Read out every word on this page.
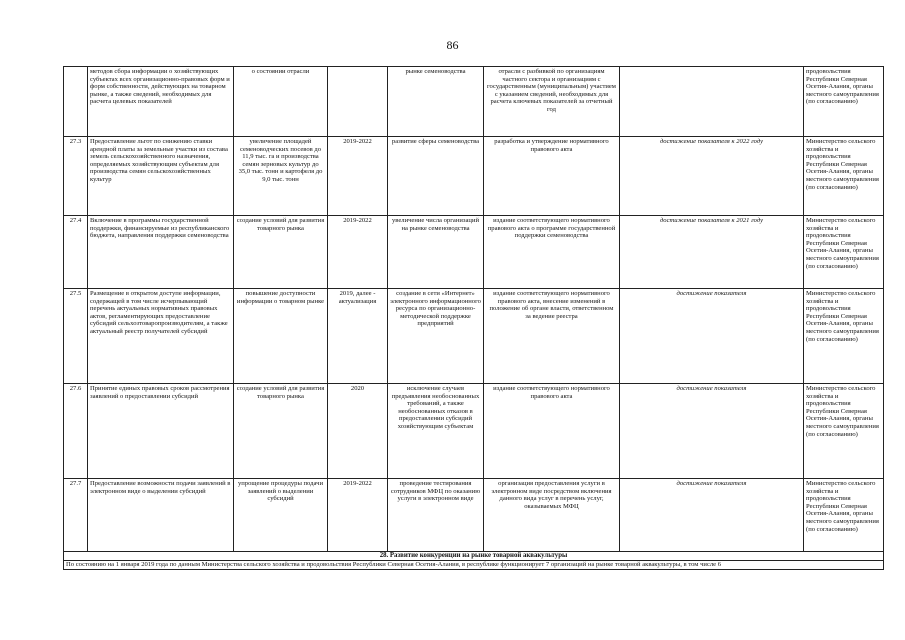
86
	методов сбора информации о хозяйствующих субъектах всех организационно-правовых форм и форм собственности, действующих на товарном рынке, а также сведений, необходимых для расчета целевых показателей	о состоянии отрасли		рынке семеноводства	отрасли с разбивкой по организациям частного сектора и организациям с государственным (муниципальным) участием с указанием сведений, необходимых для расчета ключевых показателей за отчетный год		продовольствия Республики Северная Осетия-Алания, органы местного самоуправления (по согласованию)
27.3	Предоставление льгот по снижению ставки арендной платы за земельные участки из состава земель сельскохозяйственного назначения, определяемых хозяйствующим субъектам для производства семян сельскохозяйственных культур	увеличение площадей семеноводческих посевов до 11,9 тыс. га и производства семян зерновых культур до 35,0 тыс. тонн и картофеля до 9,0 тыс. тонн	2019-2022	развитие сферы семеноводства	разработка и утверждение нормативного правового акта	достижение показателя к 2022 году	Министерство сельского хозяйства и продовольствия Республики Северная Осетия-Алания, органы местного самоуправления (по согласованию)
27.4	Включение в программы государственной поддержки, финансируемые из республиканского бюджета, направления поддержки семеноводства	создание условий для развития товарного рынка	2019-2022	увеличение числа организаций на рынке семеноводства	издание соответствующего нормативного правового акта о программе государственной поддержки семеноводства	достижение показателя к 2021 году	Министерство сельского хозяйства и продовольствия Республики Северная Осетия-Алания, органы местного самоуправления (по согласованию)
27.5	Размещение в открытом доступе информации, содержащей в том числе исчерпывающий перечень актуальных нормативных правовых актов, регламентирующих предоставление субсидий сельхозтоваропроизводителям, а также актуальный реестр получателей субсидий	повышение доступности информации о товарном рынке	2019, далее - актуализация	создание в сети «Интернет» электронного информационного ресурса по организационно-методической поддержке предприятий	издание соответствующего нормативного правового акта, внесение изменений в положение об органе власти, ответственном за ведение реестра	достижение показателя	Министерство сельского хозяйства и продовольствия Республики Северная Осетия-Алания, органы местного самоуправления (по согласованию)
27.6	Принятие единых правовых сроков рассмотрения заявлений о предоставлении субсидий	создание условий для развития товарного рынка	2020	исключение случаев предъявления необоснованных требований, а также необоснованных отказов в предоставлении субсидий хозяйствующим субъектам	издание соответствующего нормативного правового акта	достижение показателя	Министерство сельского хозяйства и продовольствия Республики Северная Осетия-Алания, органы местного самоуправления (по согласованию)
27.7	Предоставление возможности подачи заявлений в электронном виде о выделении субсидий	упрощение процедуры подачи заявлений о выделении субсидий	2019-2022	проведение тестирования сотрудников МФЦ по оказанию услуги в электронном виде	организация предоставления услуги в электронном виде посредством включения данного вида услуг в перечень услуг, оказываемых МФЦ	достижение показателя	Министерство сельского хозяйства и продовольствия Республики Северная Осетия-Алания, органы местного самоуправления (по согласованию)
28. Развитие конкуренции на рынке товарной аквакультуры							
По состоянию на 1 января 2019 года по данным Министерства сельского хозяйства и продовольствия Республики Северная Осетия-Алания, в республике функционирует 7 организаций на рынке товарной аквакультуры, в том числе 6							
